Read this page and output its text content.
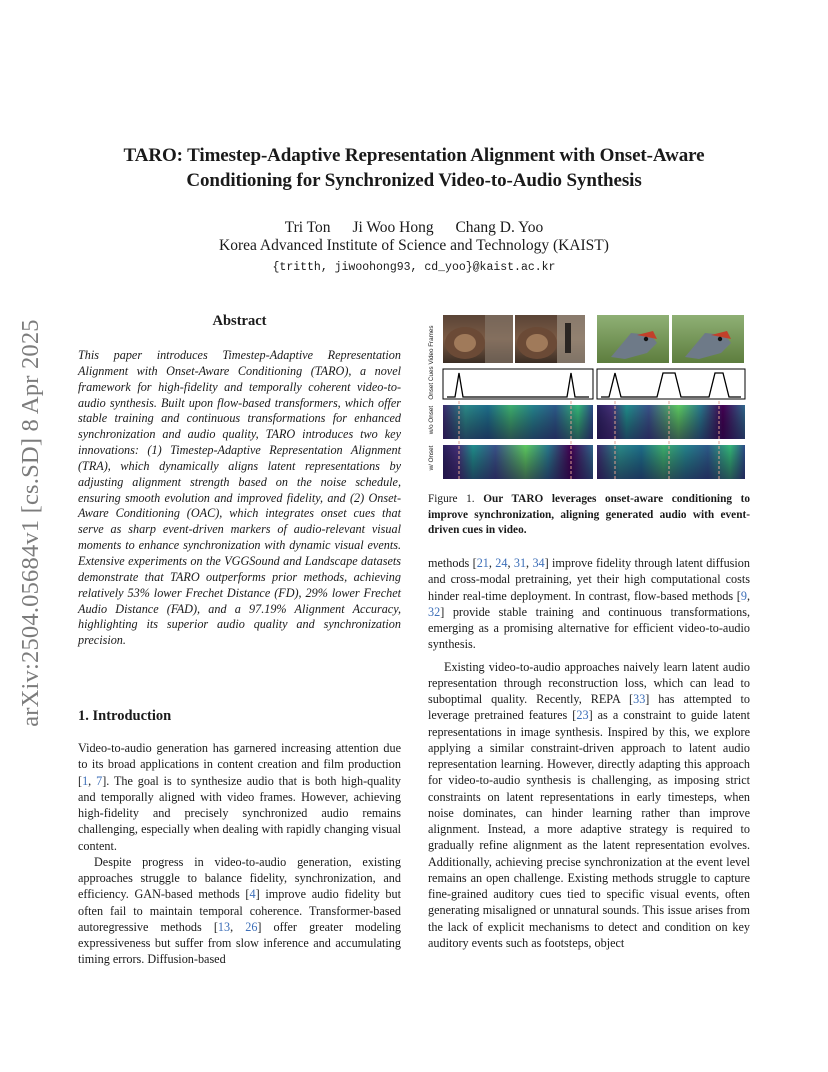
TARO: Timestep-Adaptive Representation Alignment with Onset-Aware
Conditioning for Synchronized Video-to-Audio Synthesis
Tri Ton Ji Woo Hong Chang D. Yoo
Korea Advanced Institute of Science and Technology (KAIST)
{tritth, jiwoohong93, cd_yoo}@kaist.ac.kr
arXiv:2504.05684v1 [cs.SD] 8 Apr 2025	Abstract
This paper introduces Timestep-Adaptive Representation Alignment with Onset-Aware Conditioning (TARO), a novel framework for high-fidelity and temporally coherent video-to-audio synthesis. Built upon flow-based transformers, which offer stable training and continuous transformations for enhanced synchronization and audio quality, TARO introduces two key innovations: (1) Timestep-Adaptive Representation Alignment (TRA), which dynamically aligns latent representations by adjusting alignment strength based on the noise schedule, ensuring smooth evolution and improved fidelity, and (2) Onset-Aware Conditioning (OAC), which integrates onset cues that serve as sharp event-driven markers of audio-relevant visual moments to enhance synchronization with dynamic visual events. Extensive experiments on the VGGSound and Landscape datasets demonstrate that TARO outperforms prior methods, achieving relatively 53% lower Frechet Distance (FD), 29% lower Frechet Audio Distance (FAD), and a 97.19% Alignment Accuracy, highlighting its superior audio quality and synchronization precision.
1. Introduction

Video-to-audio generation has garnered increasing attention due to its broad applications in content creation and film production [1, 7]. The goal is to synthesize audio that is both high-quality and temporally aligned with video frames. However, achieving high-fidelity and precisely synchronized audio remains challenging, especially when dealing with rapidly changing visual content.

Despite progress in video-to-audio generation, existing approaches struggle to balance fidelity, synchronization, and efficiency. GAN-based methods [4] improve audio fidelity but often fail to maintain temporal coherence. Transformer-based autoregressive methods [13, 26] offer greater modeling expressiveness but suffer from slow inference and accumulating timing errors. Diffusion-based

methods [21, 24, 31, 34] improve fidelity through latent diffusion and cross-modal pretraining, yet their high computational costs hinder real-time deployment. In contrast, flow-based methods [9, 32] provide stable training and continuous transformations, emerging as a promising alternative for efficient video-to-audio synthesis.

Existing video-to-audio approaches naively learn latent audio representation through reconstruction loss, which can lead to suboptimal quality. Recently, REPA [33] has attempted to leverage pretrained features [23] as a constraint to guide latent representations in image synthesis. Inspired by this, we explore applying a similar constraint-driven approach to latent audio representation learning. However, directly adapting this approach for video-to-audio synthesis is challenging, as imposing strict constraints on latent representations in early timesteps, when noise dominates, can hinder learning rather than improve alignment. Instead, a more adaptive strategy is required to gradually refine alignment as the latent representation evolves. Additionally, achieving precise synchronization at the event level remains an open challenge. Existing methods struggle to capture fine-grained auditory cues tied to specific visual events, often generating misaligned or unnatural sounds. This issue arises from the lack of explicit mechanisms to detect and condition on key auditory events such as footsteps, object

Video Frames
Onset Cues
w/o Onset
w/ Onset
Figure 1. Our TARO leverages onset-aware conditioning to improve synchronization, aligning generated audio with event-driven cues in video.
